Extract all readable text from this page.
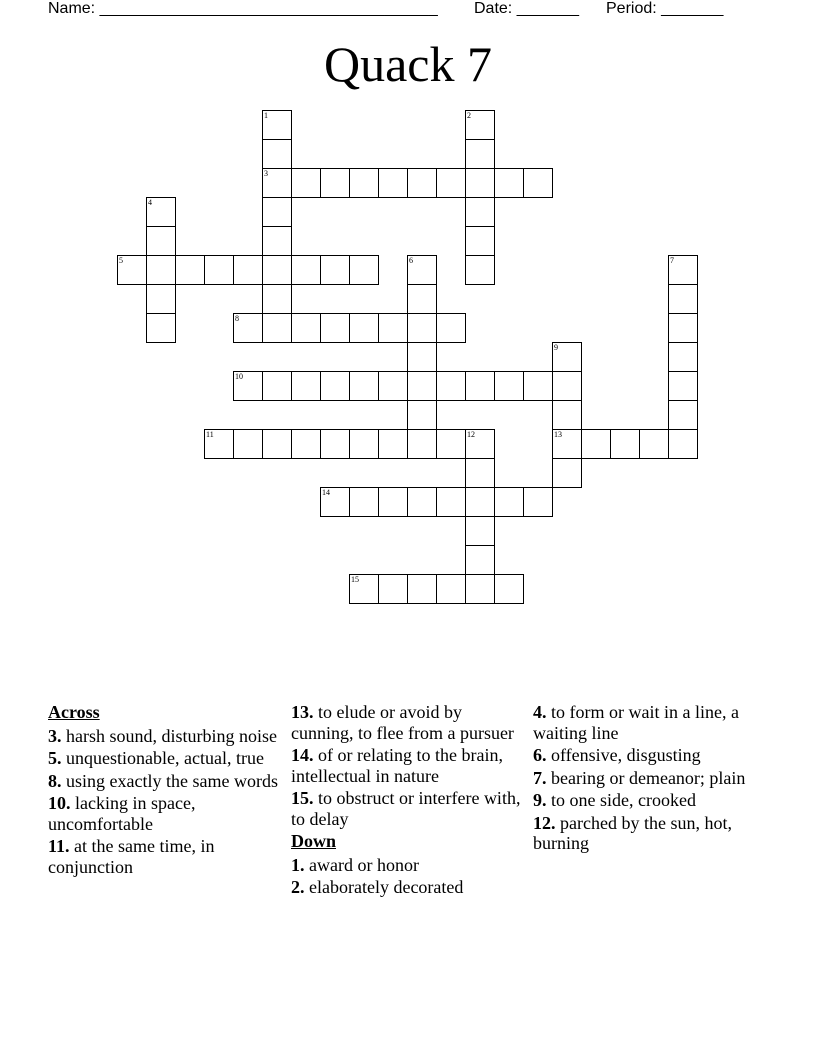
Name: ______________________________________ Date: _______ Period: _______
Quack 7
1
3
2
4
5	6	7
8
9
13
10
11	12
14
15
Across
3. harsh sound, disturbing noise
5. unquestionable, actual, true
8. using exactly the same words
10. lacking in space, uncomfortable
11. at the same time, in conjunction
13. to elude or avoid by cunning, to flee from a pursuer
14. of or relating to the brain, intellectual in nature
15. to obstruct or interfere with, to delay
Down
1. award or honor
2. elaborately decorated
4. to form or wait in a line, a waiting line
6. offensive, disgusting
7. bearing or demeanor; plain
9. to one side, crooked
12. parched by the sun, hot, burning
